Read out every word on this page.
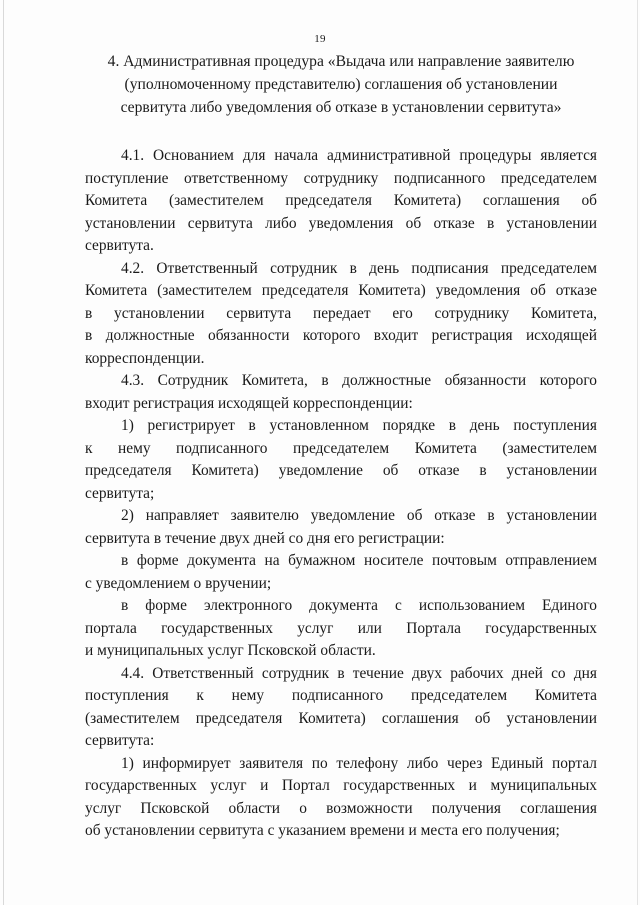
19
4. Административная процедура «Выдача или направление заявителю
(уполномоченному представителю) соглашения об установлении
сервитута либо уведомления об отказе в установлении сервитута»
4.1. Основанием для начала административной процедуры является
поступление ответственному сотруднику подписанного председателем
Комитета (заместителем председателя Комитета) соглашения об
установлении сервитута либо уведомления об отказе в установлении
сервитута.
4.2. Ответственный сотрудник в день подписания председателем
Комитета (заместителем председателя Комитета) уведомления об отказе
в установлении сервитута передает его сотруднику Комитета,
в должностные обязанности которого входит регистрация исходящей
корреспонденции.
4.3. Сотрудник Комитета, в должностные обязанности которого
входит регистрация исходящей корреспонденции:
1) регистрирует в установленном порядке в день поступления
к нему подписанного председателем Комитета (заместителем
председателя Комитета) уведомление об отказе в установлении
сервитута;
2) направляет заявителю уведомление об отказе в установлении
сервитута в течение двух дней со дня его регистрации:
в форме документа на бумажном носителе почтовым отправлением
с уведомлением о вручении;
в форме электронного документа с использованием Единого
портала государственных услуг или Портала государственных
и муниципальных услуг Псковской области.
4.4. Ответственный сотрудник в течение двух рабочих дней со дня
поступления к нему подписанного председателем Комитета
(заместителем председателя Комитета) соглашения об установлении
сервитута:
1) информирует заявителя по телефону либо через Единый портал
государственных услуг и Портал государственных и муниципальных
услуг Псковской области о возможности получения соглашения
об установлении сервитута с указанием времени и места его получения;
